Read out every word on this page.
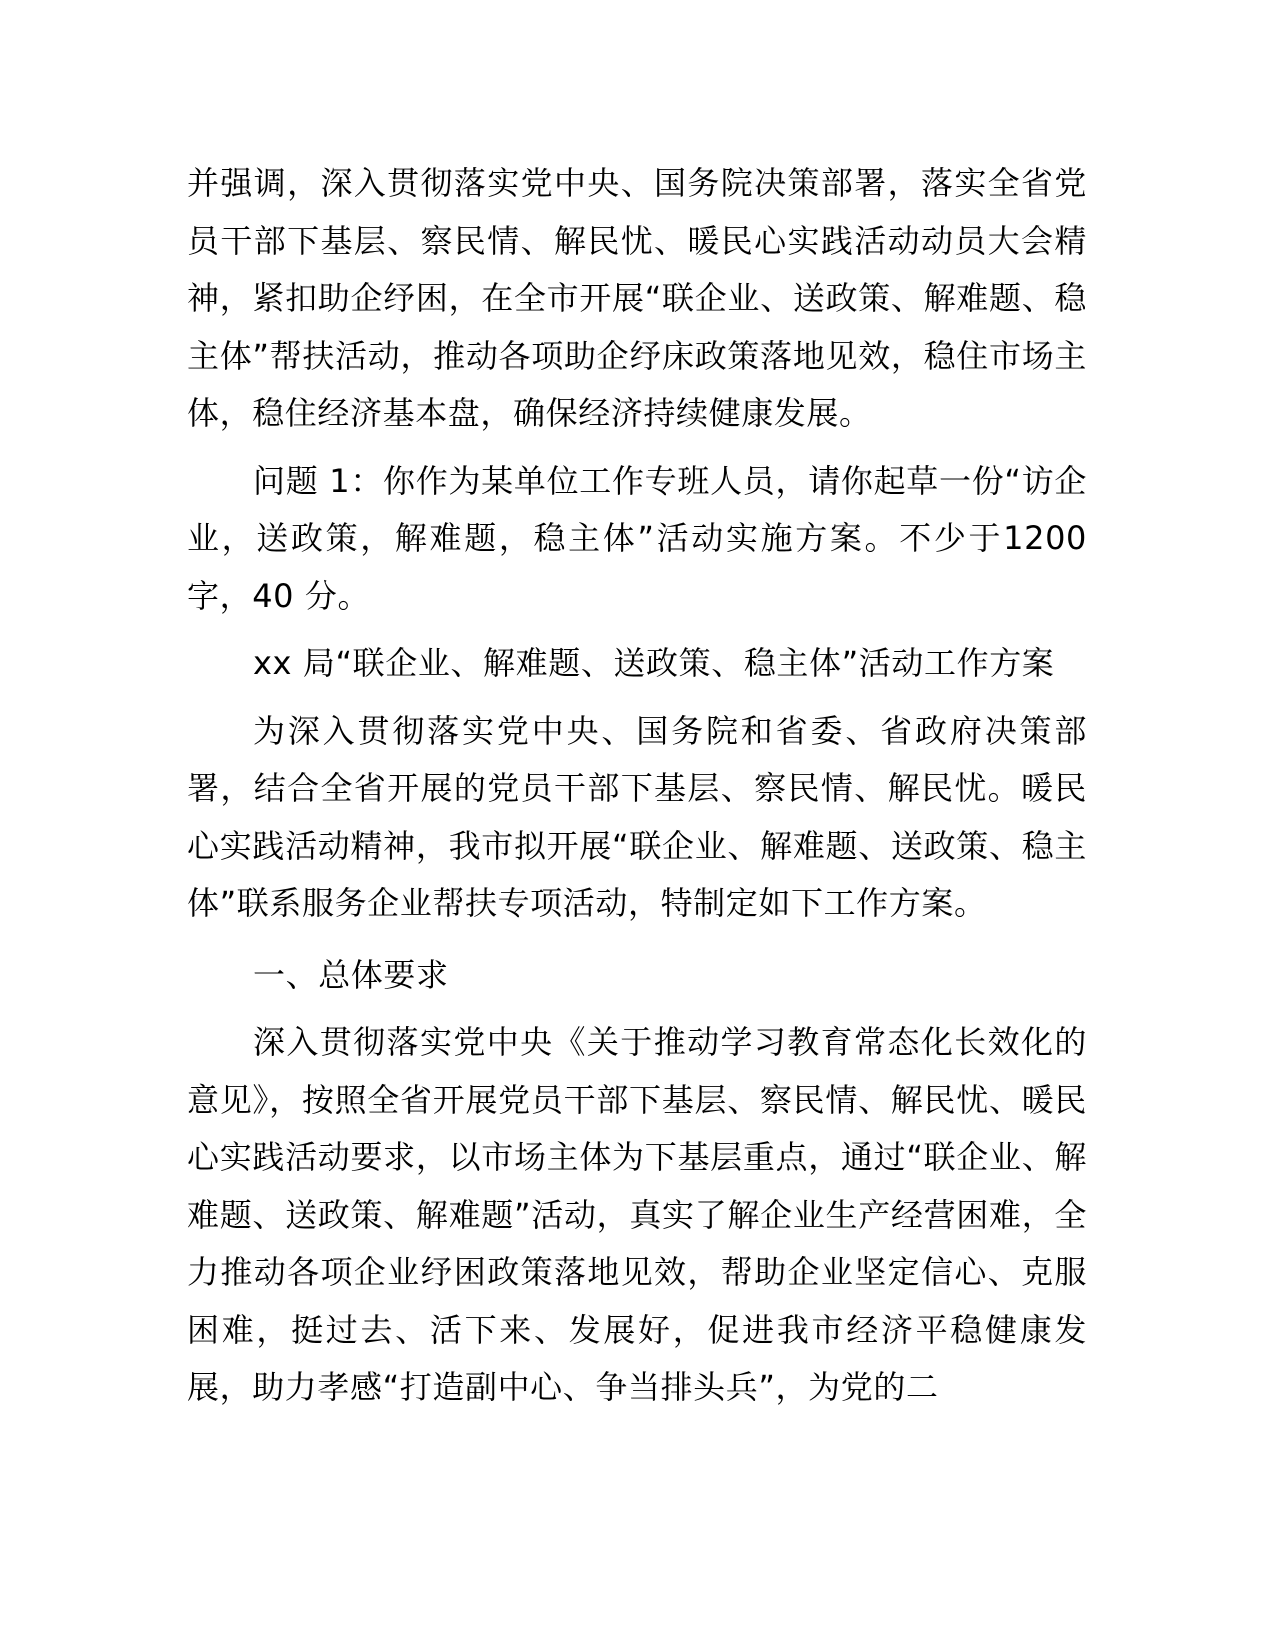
并强调，深入贯彻落实党中央、国务院决策部署，落实全省党员干部下基层、察民情、解民忧、暖民心实践活动动员大会精神，紧扣助企纾困，在全市开展“联企业、送政策、解难题、稳主体”帮扶活动，推动各项助企纾床政策落地见效，稳住市场主体，稳住经济基本盘，确保经济持续健康发展。

问题 1：你作为某单位工作专班人员，请你起草一份“访企业，送政策，解难题，稳主体”活动实施方案。不少于1200 字，40 分。

xx 局“联企业、解难题、送政策、稳主体”活动工作方案

为深入贯彻落实党中央、国务院和省委、省政府决策部署，结合全省开展的党员干部下基层、察民情、解民忧。暖民心实践活动精神，我市拟开展“联企业、解难题、送政策、稳主体”联系服务企业帮扶专项活动，特制定如下工作方案。

一、总体要求

深入贯彻落实党中央《关于推动学习教育常态化长效化的意见》，按照全省开展党员干部下基层、察民情、解民忧、暖民心实践活动要求，以市场主体为下基层重点，通过“联企业、解难题、送政策、解难题”活动，真实了解企业生产经营困难，全力推动各项企业纾困政策落地见效，帮助企业坚定信心、克服困难，挺过去、活下来、发展好，促进我市经济平稳健康发展，助力孝感“打造副中心、争当排头兵”，为党的二
